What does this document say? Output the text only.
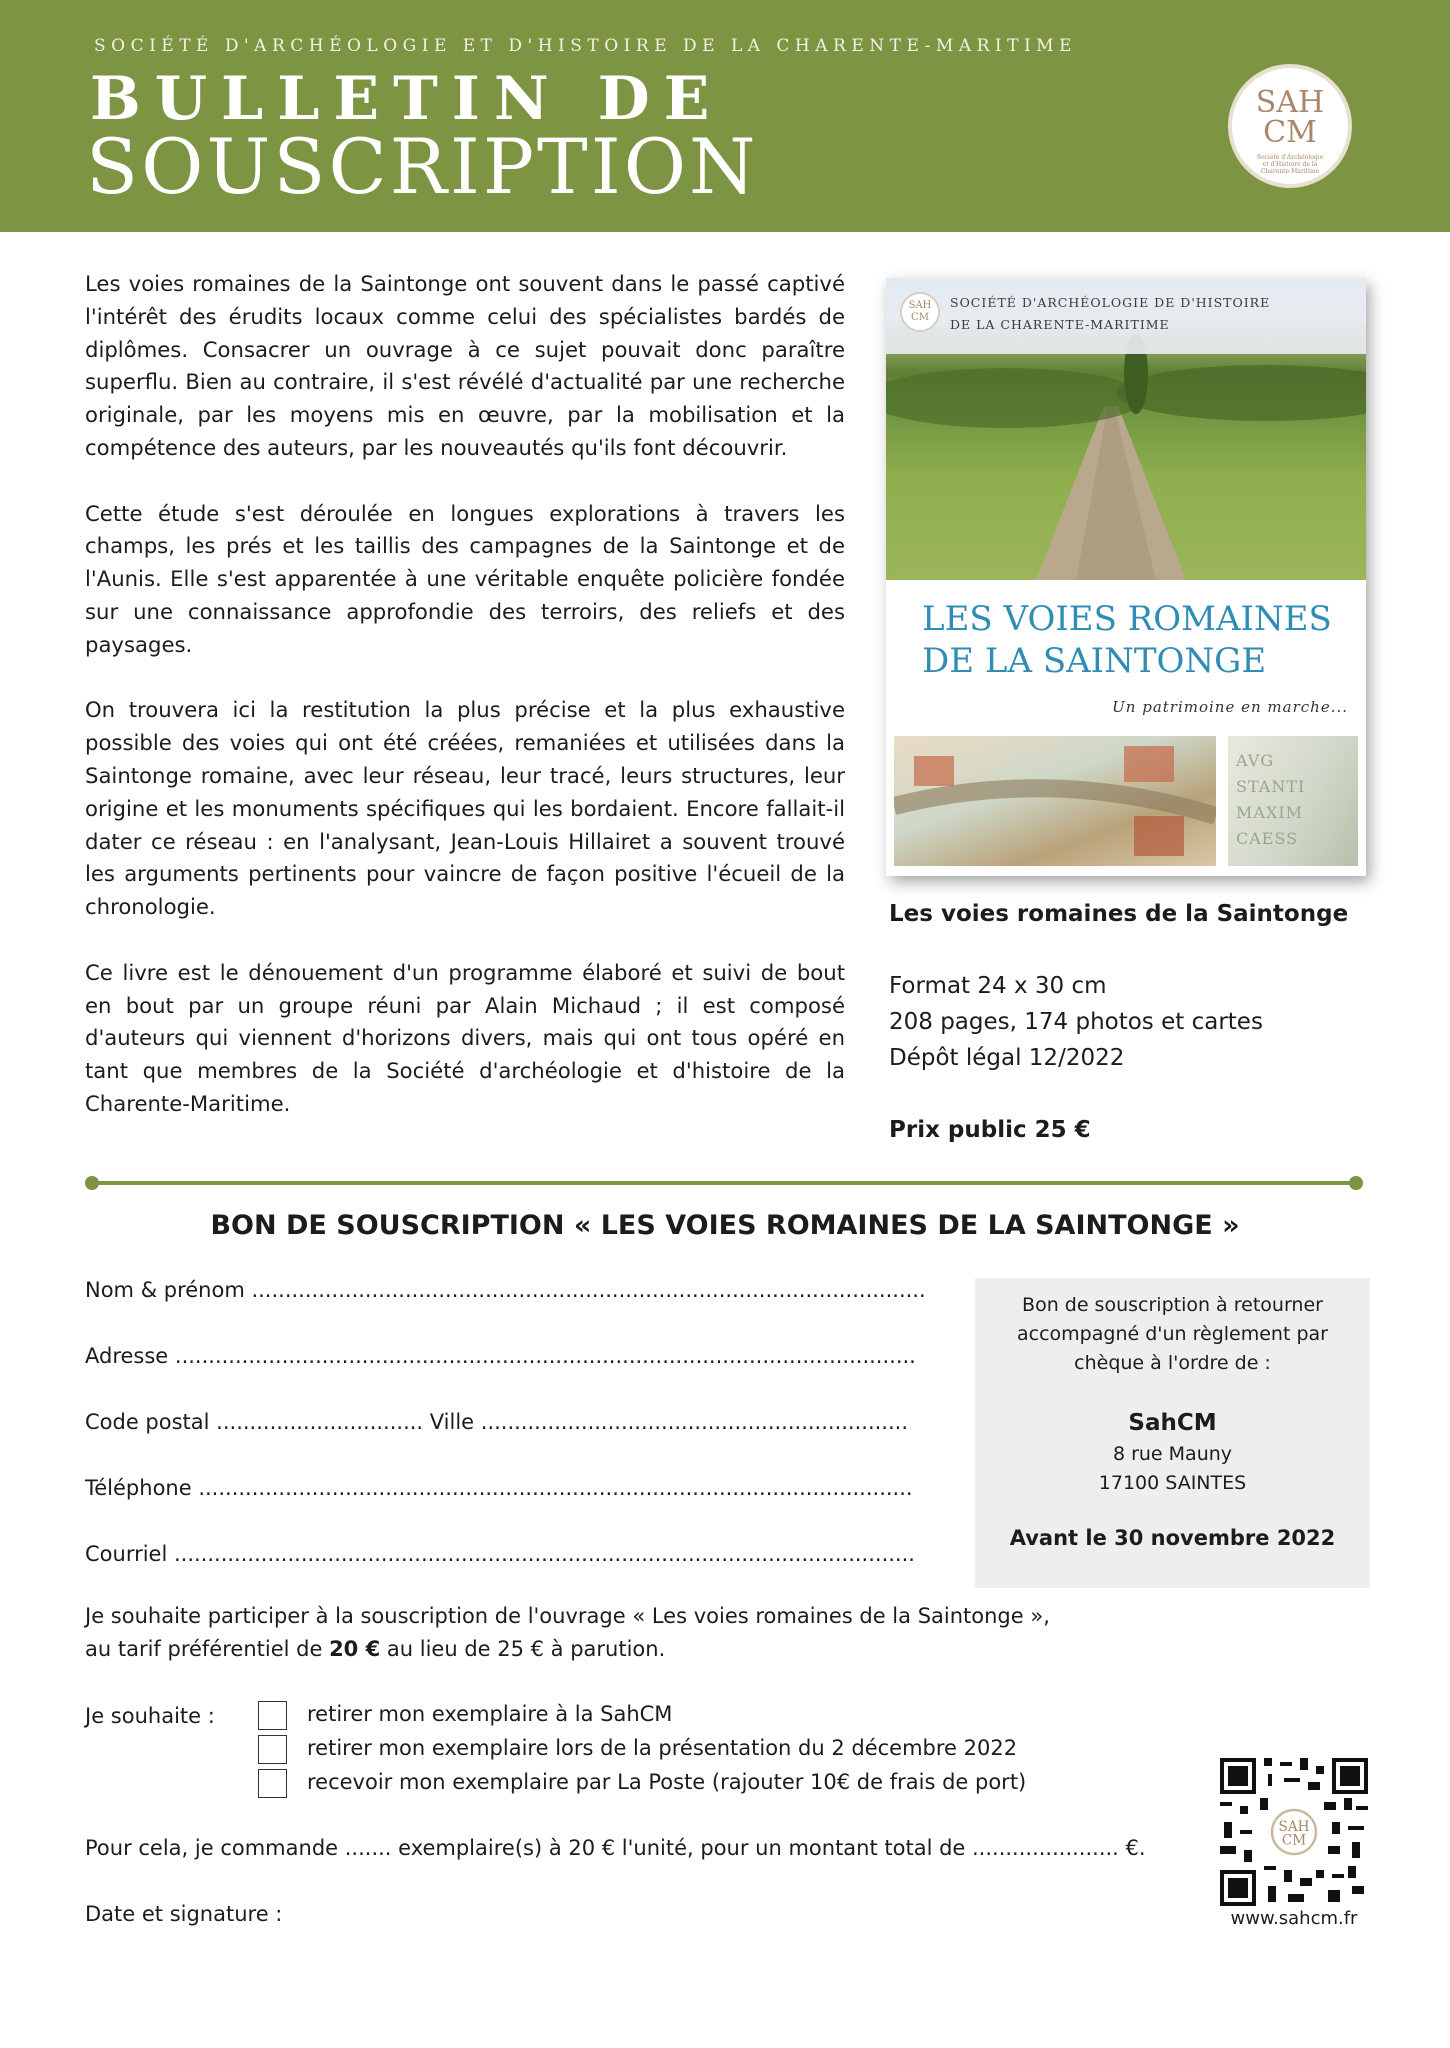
SOCIÉTÉ D'ARCHÉOLOGIE ET D'HISTOIRE DE LA CHARENTE-MARITIME
BULLETIN DE
SOUSCRIPTION
SAH
CM
Société d'Archéologie
et d'Histoire de la
Charente-Maritime

Les voies romaines de la Saintonge ont souvent dans le passé captivé l'intérêt des érudits locaux comme celui des spécialistes bardés de diplômes. Consacrer un ouvrage à ce sujet pouvait donc paraître superflu. Bien au contraire, il s'est révélé d'actualité par une recherche originale, par les moyens mis en œuvre, par la mobilisation et la compétence des auteurs, par les nouveautés qu'ils font découvrir.

Cette étude s'est déroulée en longues explorations à travers les champs, les prés et les taillis des campagnes de la Saintonge et de l'Aunis. Elle s'est apparentée à une véritable enquête policière fondée sur une connaissance approfondie des terroirs, des reliefs et des paysages.

On trouvera ici la restitution la plus précise et la plus exhaustive possible des voies qui ont été créées, remaniées et utilisées dans la Saintonge romaine, avec leur réseau, leur tracé, leurs structures, leur origine et les monuments spécifiques qui les bordaient. Encore fallait-il dater ce réseau : en l'analysant, Jean-Louis Hillairet a souvent trouvé les arguments pertinents pour vaincre de façon positive l'écueil de la chronologie.

Ce livre est le dénouement d'un programme élaboré et suivi de bout en bout par un groupe réuni par Alain Michaud ; il est composé d'auteurs qui viennent d'horizons divers, mais qui ont tous opéré en tant que membres de la Société d'archéologie et d'histoire de la Charente-Maritime.

SAH
CM
SOCIÉTÉ D'ARCHÉOLOGIE DE D'HISTOIRE
DE LA CHARENTE-MARITIME
LES VOIES ROMAINES
DE LA SAINTONGE
Un patrimoine en marche...
AVG
STANTI
MAXIM
CAESS
Les voies romaines de la Saintonge
Format 24 x 30 cm
208 pages, 174 photos et cartes
Dépôt légal 12/2022
Prix public 25 €
BON DE SOUSCRIPTION « LES VOIES ROMAINES DE LA SAINTONGE »
Nom & prénom .....................................................................................................
Adresse ...............................................................................................................
Code postal ............................... Ville ................................................................
Téléphone ...........................................................................................................
Courriel ...............................................................................................................
Bon de souscription à retourner
accompagné d'un règlement par
chèque à l'ordre de :
SahCM
8 rue Mauny
17100 SAINTES
Avant le 30 novembre 2022
Je souhaite participer à la souscription de l'ouvrage « Les voies romaines de la Saintonge »,
au tarif préférentiel de 20 € au lieu de 25 € à parution.
Je souhaite :	retirer mon exemplaire à la SahCM
retirer mon exemplaire lors de la présentation du 2 décembre 2022
recevoir mon exemplaire par La Poste (rajouter 10€ de frais de port)
Pour cela, je commande ....... exemplaire(s) à 20 € l'unité, pour un montant total de ...................... €.
Date et signature :
SAH
CM
www.sahcm.fr
